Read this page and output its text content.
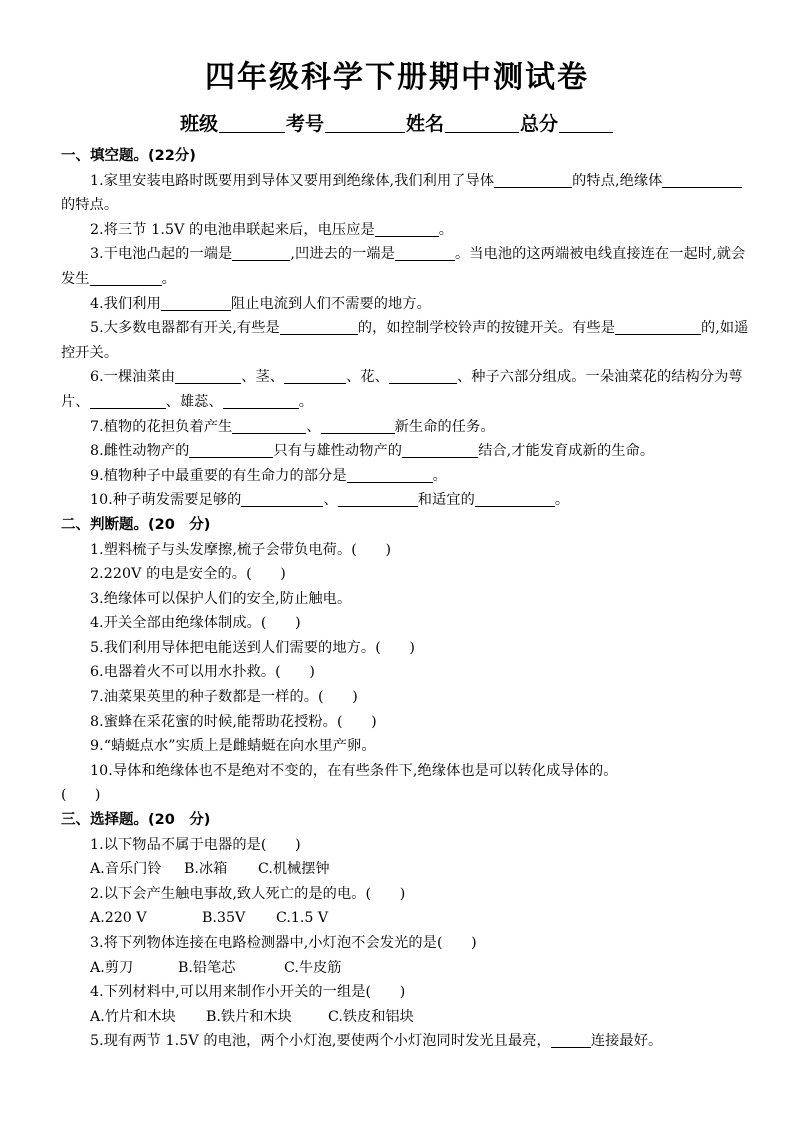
四年级科学下册期中测试卷
班级	考号	姓名	总分
一、填空题。(22分)
1.家里安装电路时既要用到导体又要用到绝缘体,我们利用了导体	的特点,绝缘体的特点。
2.将三节 1.5V 的电池串联起来后，电压应是	。
3.干电池凸起的一端是	,凹进去的一端是	。当电池的这两端被电线直接连在一起时,就会发生	。
4.我们利用	阻止电流到人们不需要的地方。
5.大多数电器都有开关,有些是	的，如控制学校铃声的按键开关。有些是	的,如遥控开关。
6.一棵油菜由	、茎、	、花、	、种子六部分组成。一朵油菜花的结构分为萼片、	、雄蕊、	。
7.植物的花担负着产生	、	新生命的任务。
8.雌性动物产的	只有与雄性动物产的	结合,才能发育成新的生命。
9.植物种子中最重要的有生命力的部分是	。
10.种子萌发需要足够的	、	和适宜的	。
二、判断题。(20　分)
1.塑料梳子与头发摩擦,梳子会带负电荷。(　　)
2.220V 的电是安全的。(　　)
3.绝缘体可以保护人们的安全,防止触电。
4.开关全部由绝缘体制成。(　　)
5.我们利用导体把电能送到人们需要的地方。(　　)
6.电器着火不可以用水扑救。(　　)
7.油菜果英里的种子数都是一样的。(　　)
8.蜜蜂在采花蜜的时候,能帮助花授粉。(　　)
9.“蜻蜓点水”实质上是雌蜻蜓在向水里产卵。
10.导体和绝缘体也不是绝对不变的，在有些条件下,绝缘体也是可以转化成导体的。
(　　)
三、选择题。(20　分)
1.以下物品不属于电器的是(　　)
A.音乐门铃 B.冰箱 C.机械摆钟
2.以下会产生触电事故,致人死亡的是的电。(　　)
A.220 V	B.35V C.1.5 V
3.将下列物体连接在电路检测器中,小灯泡不会发光的是(　　)
A.剪刀	B.铅笔芯	C.牛皮筋
4.下列材料中,可以用来制作小开关的一组是(　　)
A.竹片和木块 B.铁片和木块	C.铁皮和铝块
5.现有两节 1.5V 的电池，两个小灯泡,要使两个小灯泡同时发光且最亮，	连接最好。
